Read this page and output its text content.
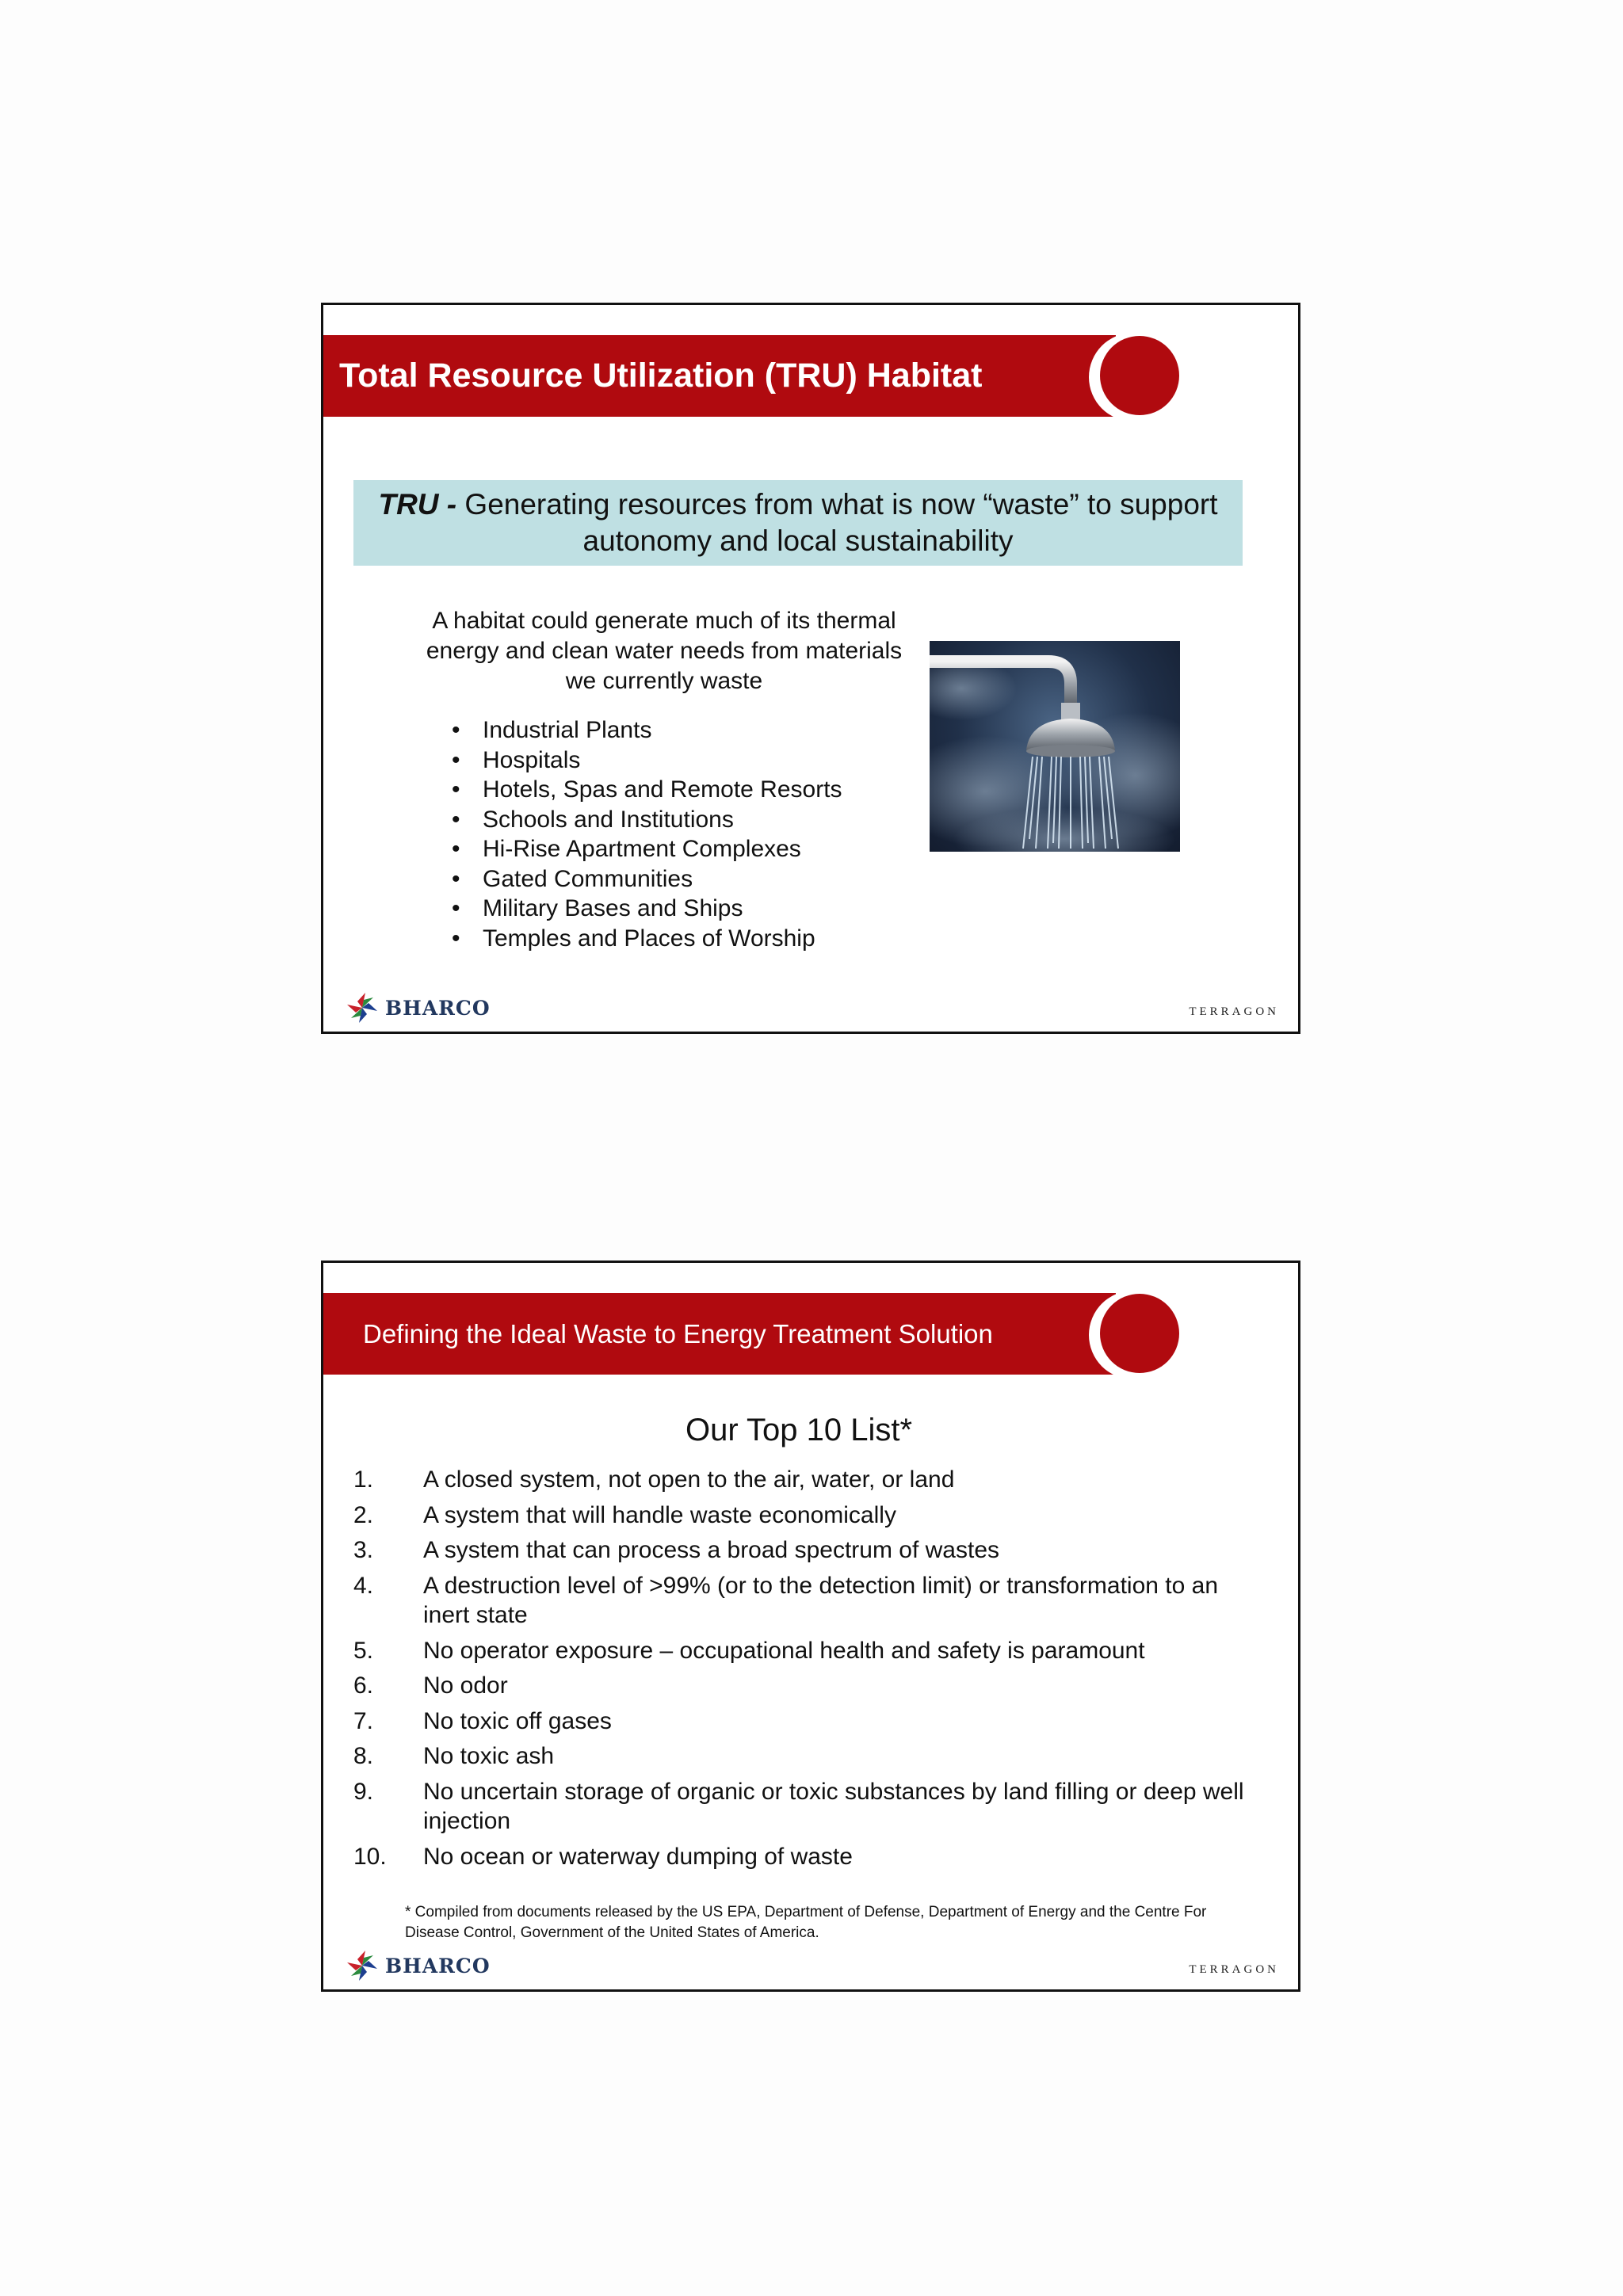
Total Resource Utilization (TRU) Habitat
TRU - Generating resources from what is now “waste” to support autonomy and local sustainability
A habitat could generate much of its thermal energy and clean water needs from materials we currently waste
• Industrial Plants
• Hospitals
• Hotels, Spas and Remote Resorts
• Schools and Institutions
• Hi-Rise Apartment Complexes
• Gated Communities
• Military Bases and Ships
• Temples and Places of Worship
BHARCO	TERRAGON
Defining the Ideal Waste to Energy Treatment Solution
Our Top 10 List*
1. A closed system, not open to the air, water, or land
2. A system that will handle waste economically
3. A system that can process a broad spectrum of wastes
4. A destruction level of >99% (or to the detection limit) or transformation to an inert state
5. No operator exposure – occupational health and safety is paramount
6. No odor
7. No toxic off gases
8. No toxic ash
9. No uncertain storage of organic or toxic substances by land filling or deep well injection
10. No ocean or waterway dumping of waste
* Compiled from documents released by the US EPA, Department of Defense, Department of Energy and the Centre For Disease Control, Government of the United States of America.
BHARCO	TERRAGON
